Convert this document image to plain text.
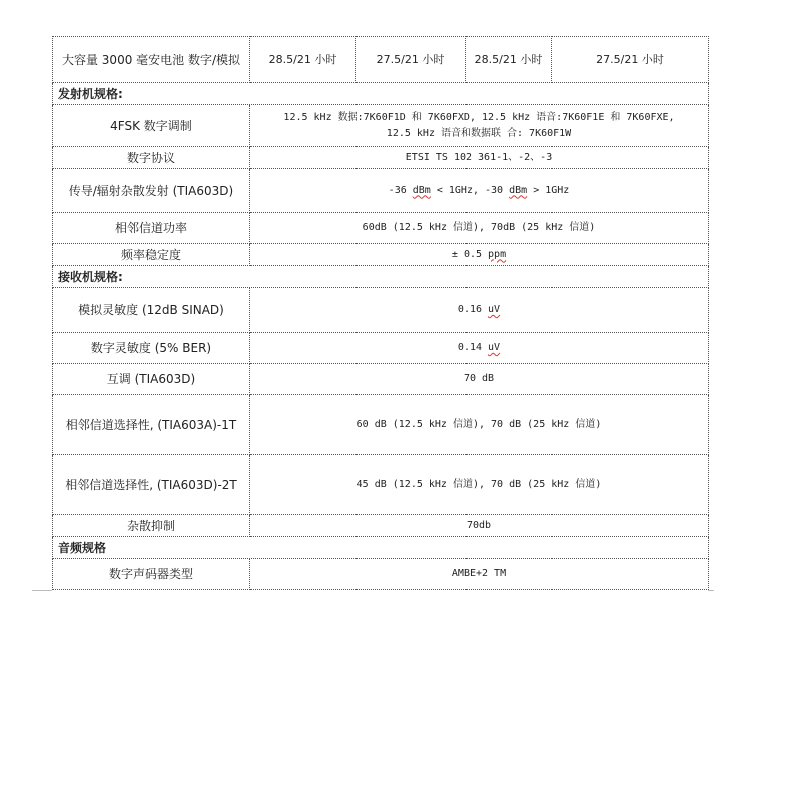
大容量 3000 毫安电池 数字/模拟	28.5/21 小时	27.5/21 小时	28.5/21 小时	27.5/21 小时
发射机规格:				
4FSK 数字调制	12.5 kHz 数据:7K60F1D 和 7K60FXD, 12.5 kHz 语音:7K60F1E 和 7K60FXE,
12.5 kHz 语音和数据联 合: 7K60F1W			

数字协议	ETSI TS 102 361-1、-2、-3			
传导/辐射杂散发射 (TIA603D)	-36 dBm < 1GHz, -30 dBm > 1GHz			
相邻信道功率	60dB (12.5 kHz 信道), 70dB (25 kHz 信道)			
频率稳定度	± 0.5 ppm			
接收机规格:				
模拟灵敏度 (12dB SINAD)	0.16 uV			
数字灵敏度 (5% BER)	0.14 uV			
互调 (TIA603D)	70 dB			
相邻信道选择性, (TIA603A)-1T	60 dB (12.5 kHz 信道), 70 dB (25 kHz 信道)			
相邻信道选择性, (TIA603D)-2T	45 dB (12.5 kHz 信道), 70 dB (25 kHz 信道)			
杂散抑制	70db			
音频规格				
数字声码器类型	AMBE+2 TM			
